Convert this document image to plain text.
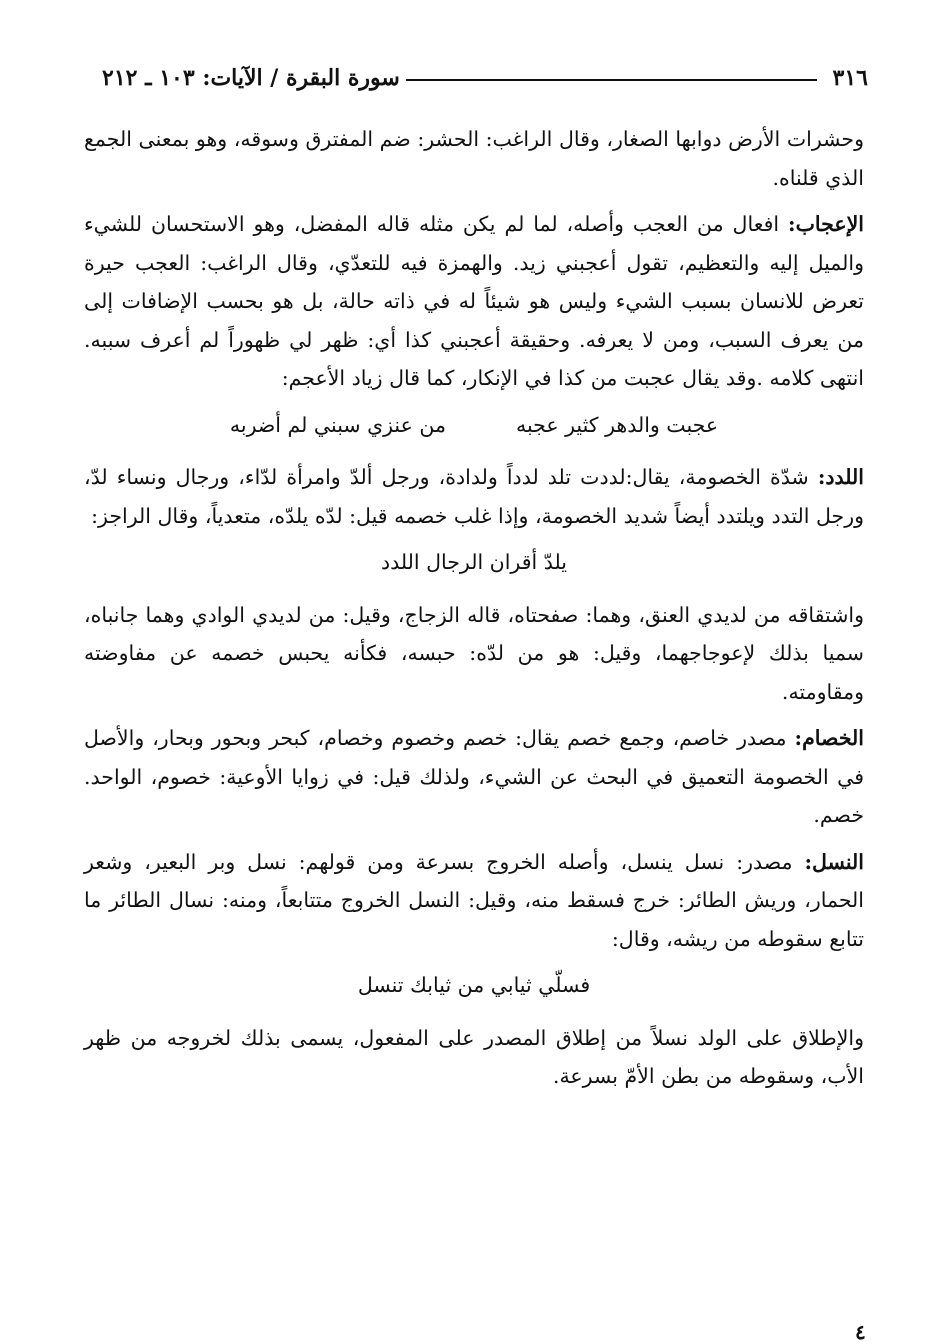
٣١٦
سورة البقرة / الآيات: ١٠٣ ـ ٢١٢

وحشرات الأرض دوابها الصغار، وقال الراغب: الحشر: ضم المفترق وسوقه، وهو بمعنى الجمع الذي قلناه.

الإعجاب: افعال من العجب وأصله، لما لم يكن مثله قاله المفضل، وهو الاستحسان للشيء والميل إليه والتعظيم، تقول أعجبني زيد. والهمزة فيه للتعدّي، وقال الراغب: العجب حيرة تعرض للانسان بسبب الشيء وليس هو شيئاً له في ذاته حالة، بل هو بحسب الإضافات إلى من يعرف السبب، ومن لا يعرفه. وحقيقة أعجبني كذا أي: ظهر لي ظهوراً لم أعرف سببه. انتهى كلامه .وقد يقال عجبت من كذا في الإنكار، كما قال زياد الأعجم:

عجبت والدهر كثير عجبهمن عنزي سبني لم أضربه

اللدد: شدّة الخصومة، يقال:لددت تلد لدداً ولدادة، ورجل ألدّ وامرأة لدّاء، ورجال ونساء لدّ، ورجل التدد ويلتدد أيضاً شديد الخصومة، وإذا غلب خصمه قيل: لدّه يلدّه، متعدياً، وقال الراجز:

يلدّ أقران الرجال اللدد

واشتقاقه من لديدي العنق، وهما: صفحتاه، قاله الزجاج، وقيل: من لديدي الوادي وهما جانباه، سميا بذلك لإعوجاجهما، وقيل: هو من لدّه: حبسه، فكأنه يحبس خصمه عن مفاوضته ومقاومته.

الخصام: مصدر خاصم، وجمع خصم يقال: خصم وخصوم وخصام، كبحر وبحور وبحار، والأصل في الخصومة التعميق في البحث عن الشيء، ولذلك قيل: في زوايا الأوعية: خصوم، الواحد. خصم.

النسل: مصدر: نسل ينسل، وأصله الخروج بسرعة ومن قولهم: نسل وبر البعير، وشعر الحمار، وريش الطائر: خرج فسقط منه، وقيل: النسل الخروج متتابعاً، ومنه: نسال الطائر ما تتابع سقوطه من ريشه، وقال:

فسلّي ثيابي من ثيابك تنسل

والإطلاق على الولد نسلاً من إطلاق المصدر على المفعول، يسمى بذلك لخروجه من ظهر الأب، وسقوطه من بطن الأمّ بسرعة.

٤
